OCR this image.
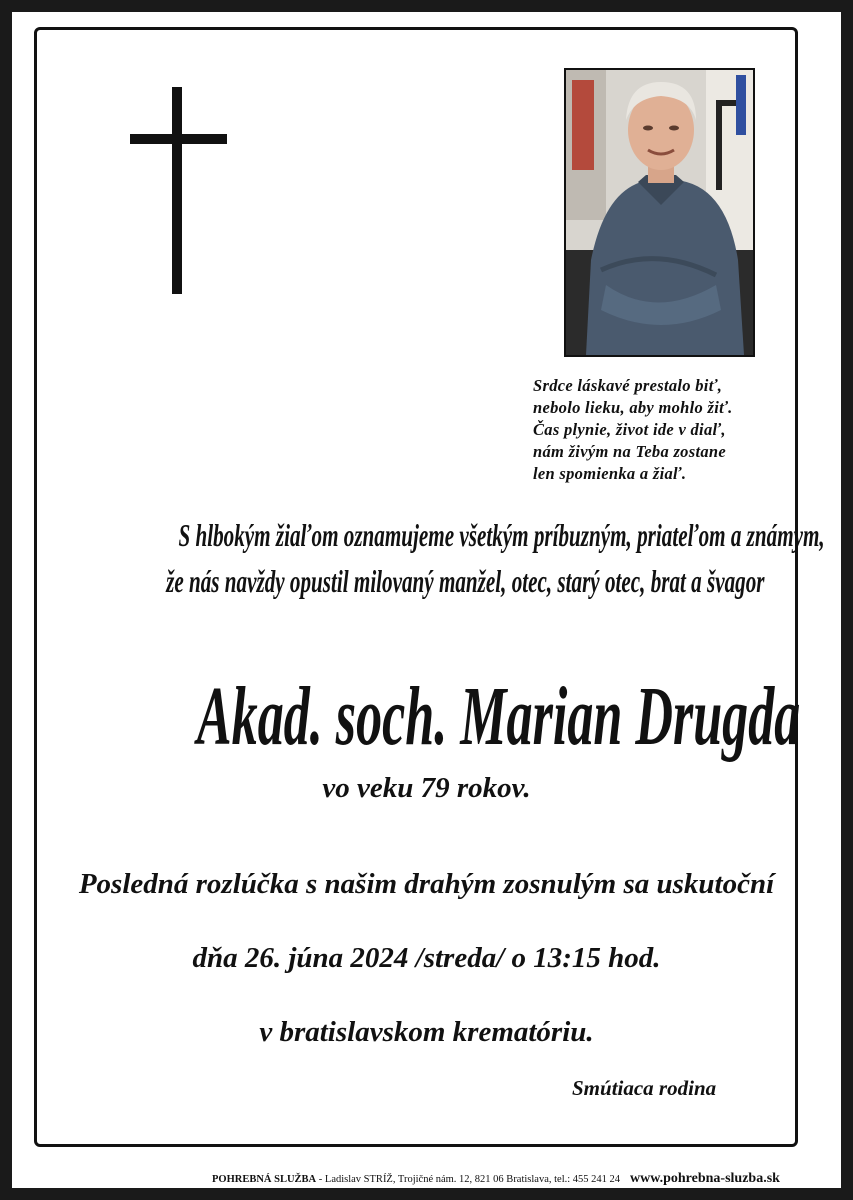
Srdce láskavé prestalo biť,
nebolo lieku, aby mohlo žiť.
Čas plynie, život ide v diaľ,
nám živým na Teba zostane
len spomienka a žiaľ.
S hlbokým žiaľom oznamujeme všetkým príbuzným, priateľom a známym,
že nás navždy opustil milovaný manžel, otec, starý otec, brat a švagor
Akad. soch. Marian Drugda
vo veku 79 rokov.
Posledná rozlúčka s našim drahým zosnulým sa uskutoční
dňa 26. júna 2024 /streda/ o 13:15 hod.
v bratislavskom krematóriu.
Smútiaca rodina
POHREBNÁ SLUŽBA - Ladislav STRÍŽ, Trojičné nám. 12, 821 06 Bratislava, tel.: 455 241 24 www.pohrebna-sluzba.sk
